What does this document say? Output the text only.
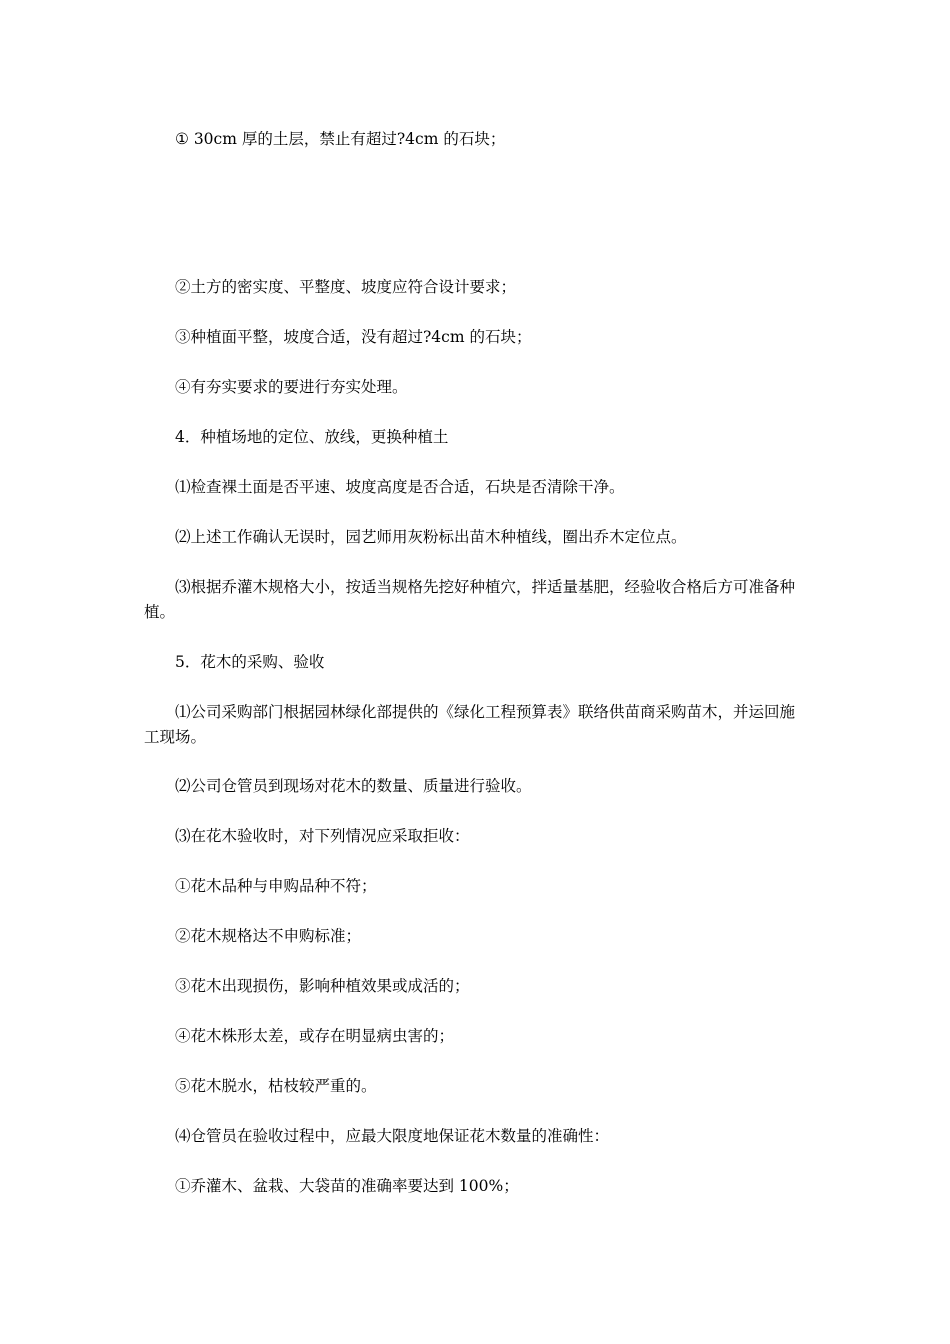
① 30cm 厚的土层，禁止有超过?4cm 的石块；

②土方的密实度、平整度、坡度应符合设计要求；

③种植面平整，坡度合适，没有超过?4cm 的石块；

④有夯实要求的要进行夯实处理。

4．种植场地的定位、放线，更换种植土

⑴检查裸土面是否平速、坡度高度是否合适，石块是否清除干净。

⑵上述工作确认无误时，园艺师用灰粉标出苗木种植线，圈出乔木定位点。

⑶根据乔灌木规格大小，按适当规格先挖好种植穴，拌适量基肥，经验收合格后方可准备种植。

5．花木的采购、验收

⑴公司采购部门根据园林绿化部提供的《绿化工程预算表》联络供苗商采购苗木，并运回施工现场。

⑵公司仓管员到现场对花木的数量、质量进行验收。

⑶在花木验收时，对下列情况应采取拒收：

①花木品种与申购品种不符；

②花木规格达不申购标准；

③花木出现损伤，影响种植效果或成活的；

④花木株形太差，或存在明显病虫害的；

⑤花木脱水，枯枝较严重的。

⑷仓管员在验收过程中，应最大限度地保证花木数量的准确性：

①乔灌木、盆栽、大袋苗的准确率要达到 100%；
